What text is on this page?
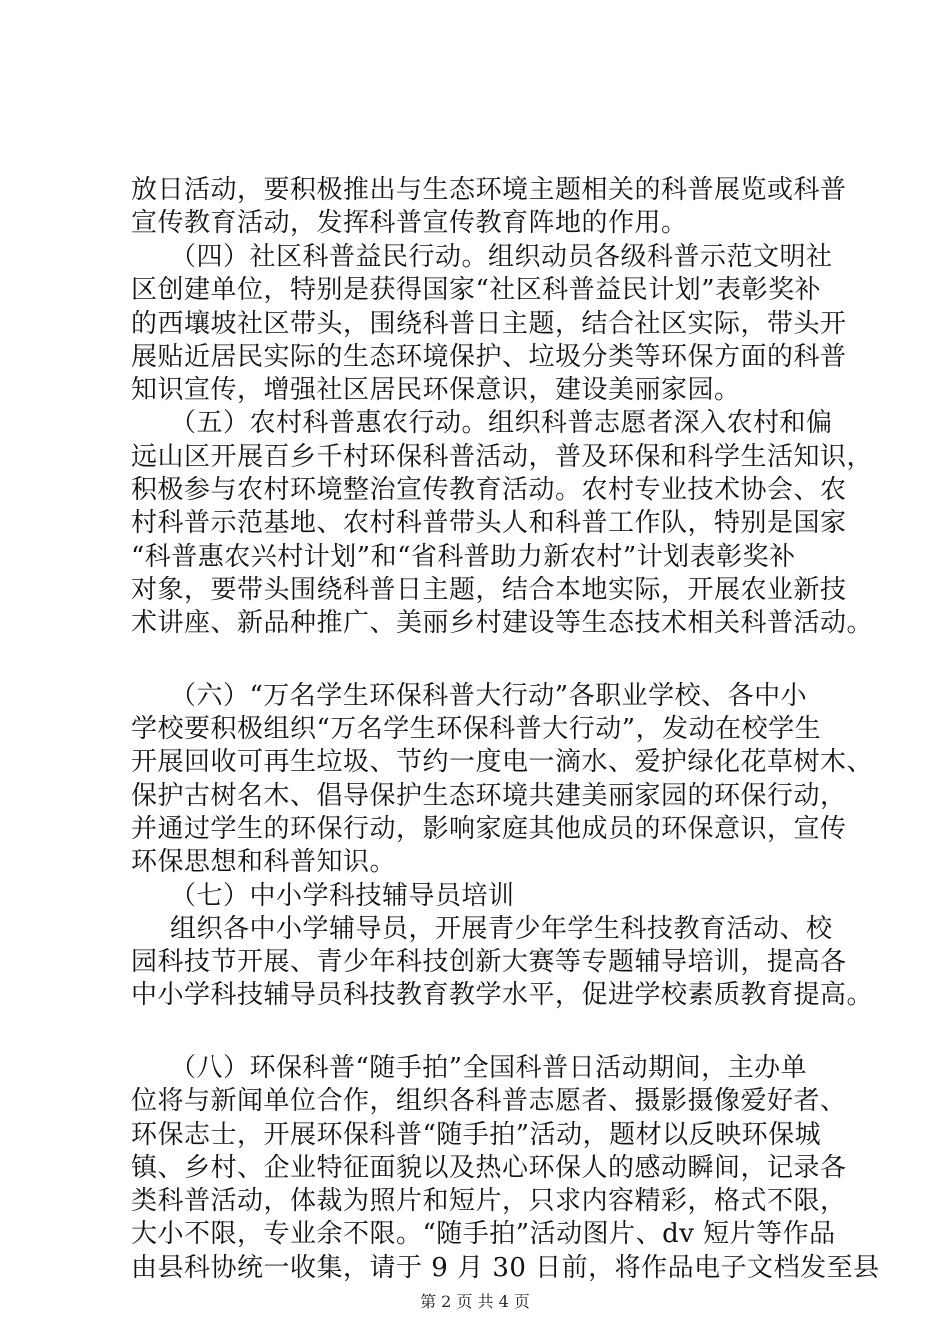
放日活动，要积极推出与生态环境主题相关的科普展览或科普
宣传教育活动，发挥科普宣传教育阵地的作用。
（四）社区科普益民行动。组织动员各级科普示范文明社
区创建单位，特别是获得国家“社区科普益民计划”表彰奖补
的西壤坡社区带头，围绕科普日主题，结合社区实际，带头开
展贴近居民实际的生态环境保护、垃圾分类等环保方面的科普
知识宣传，增强社区居民环保意识，建设美丽家园。
（五）农村科普惠农行动。组织科普志愿者深入农村和偏
远山区开展百乡千村环保科普活动，普及环保和科学生活知识，
积极参与农村环境整治宣传教育活动。农村专业技术协会、农
村科普示范基地、农村科普带头人和科普工作队，特别是国家
“科普惠农兴村计划”和“省科普助力新农村”计划表彰奖补
对象，要带头围绕科普日主题，结合本地实际，开展农业新技
术讲座、新品种推广、美丽乡村建设等生态技术相关科普活动。
（六）“万名学生环保科普大行动”各职业学校、各中小
学校要积极组织“万名学生环保科普大行动”，发动在校学生
开展回收可再生垃圾、节约一度电一滴水、爱护绿化花草树木、
保护古树名木、倡导保护生态环境共建美丽家园的环保行动，
并通过学生的环保行动，影响家庭其他成员的环保意识，宣传
环保思想和科普知识。
（七）中小学科技辅导员培训
组织各中小学辅导员，开展青少年学生科技教育活动、校
园科技节开展、青少年科技创新大赛等专题辅导培训，提高各
中小学科技辅导员科技教育教学水平，促进学校素质教育提高。
（八）环保科普“随手拍”全国科普日活动期间，主办单
位将与新闻单位合作，组织各科普志愿者、摄影摄像爱好者、
环保志士，开展环保科普“随手拍”活动，题材以反映环保城
镇、乡村、企业特征面貌以及热心环保人的感动瞬间，记录各
类科普活动，体裁为照片和短片，只求内容精彩，格式不限，
大小不限，专业余不限。“随手拍”活动图片、dv 短片等作品
由县科协统一收集，请于 9 月 30 日前，将作品电子文档发至县
第 2 页 共 4 页
